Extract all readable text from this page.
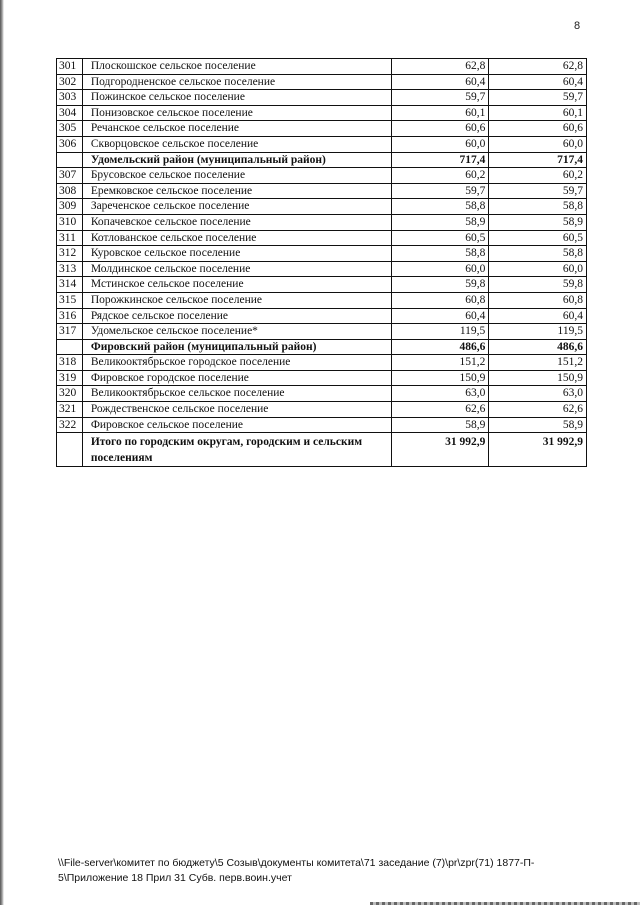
8
301	Плоскошское сельское поселение	62,8	62,8
302	Подгородненское сельское поселение	60,4	60,4
303	Пожинское сельское поселение	59,7	59,7
304	Понизовское сельское поселение	60,1	60,1
305	Речанское сельское поселение	60,6	60,6
306	Скворцовское сельское поселение	60,0	60,0
	Удомельский район (муниципальный район)	717,4	717,4
307	Брусовское сельское поселение	60,2	60,2
308	Еремковское сельское поселение	59,7	59,7
309	Зареченское сельское поселение	58,8	58,8
310	Копачевское сельское поселение	58,9	58,9
311	Котлованское сельское поселение	60,5	60,5
312	Куровское сельское поселение	58,8	58,8
313	Молдинское сельское поселение	60,0	60,0
314	Мстинское сельское поселение	59,8	59,8
315	Порожкинское сельское поселение	60,8	60,8
316	Рядское сельское поселение	60,4	60,4
317	Удомельское сельское поселение*	119,5	119,5
	Фировский район (муниципальный район)	486,6	486,6
318	Великооктябрьское городское поселение	151,2	151,2
319	Фировское городское поселение	150,9	150,9
320	Великооктябрьское сельское поселение	63,0	63,0
321	Рождественское сельское поселение	62,6	62,6
322	Фировское сельское поселение	58,9	58,9
	Итого по городским округам, городским и сельским поселениям	31 992,9	31 992,9
\\File-server\комитет по бюджету\5 Созыв\документы комитета\71 заседание (7)\pr\zpr(71) 1877-П-
5\Приложение 18 Прил 31 Субв. перв.воин.учет
